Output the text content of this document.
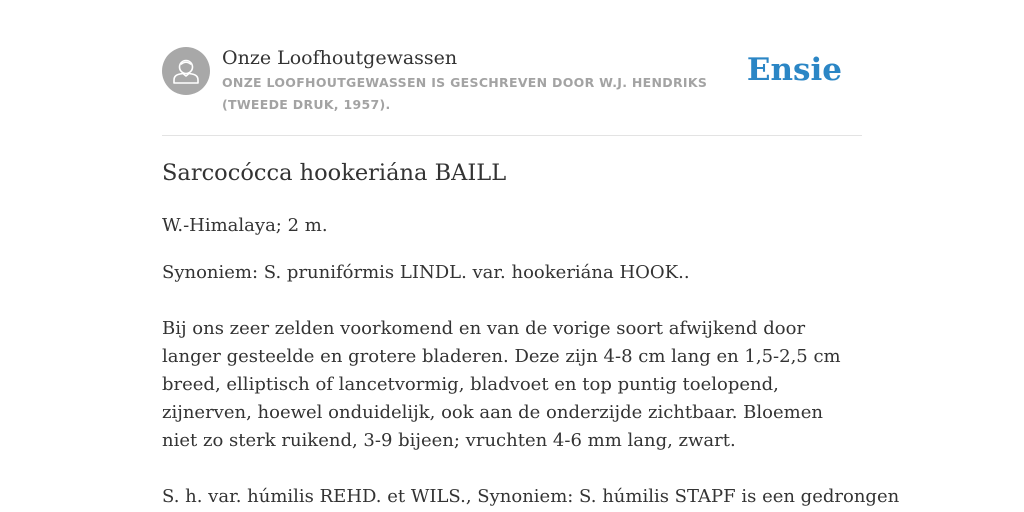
Onze Loofhoutgewassen
ONZE LOOFHOUTGEWASSEN IS GESCHREVEN DOOR W.J. HENDRIKS (TWEEDE DRUK, 1957).
Ensie
Sarcocócca hookeriána BAILL
W.-Himalaya; 2 m.
Synoniem: S. prunifórmis LINDL. var. hookeriána HOOK..
Bij ons zeer zelden voorkomend en van de vorige soort afwijkend door langer gesteelde en grotere bladeren. Deze zijn 4-8 cm lang en 1,5-2,5 cm breed, elliptisch of lancetvormig, bladvoet en top puntig toelopend, zijnerven, hoewel onduidelijk, ook aan de onderzijde zichtbaar. Bloemen niet zo sterk ruikend, 3-9 bijeen; vruchten 4-6 mm lang, zwart.
S. h. var. húmilis REHD. et WILS., Synoniem: S. húmilis STAPF is een gedrongen
